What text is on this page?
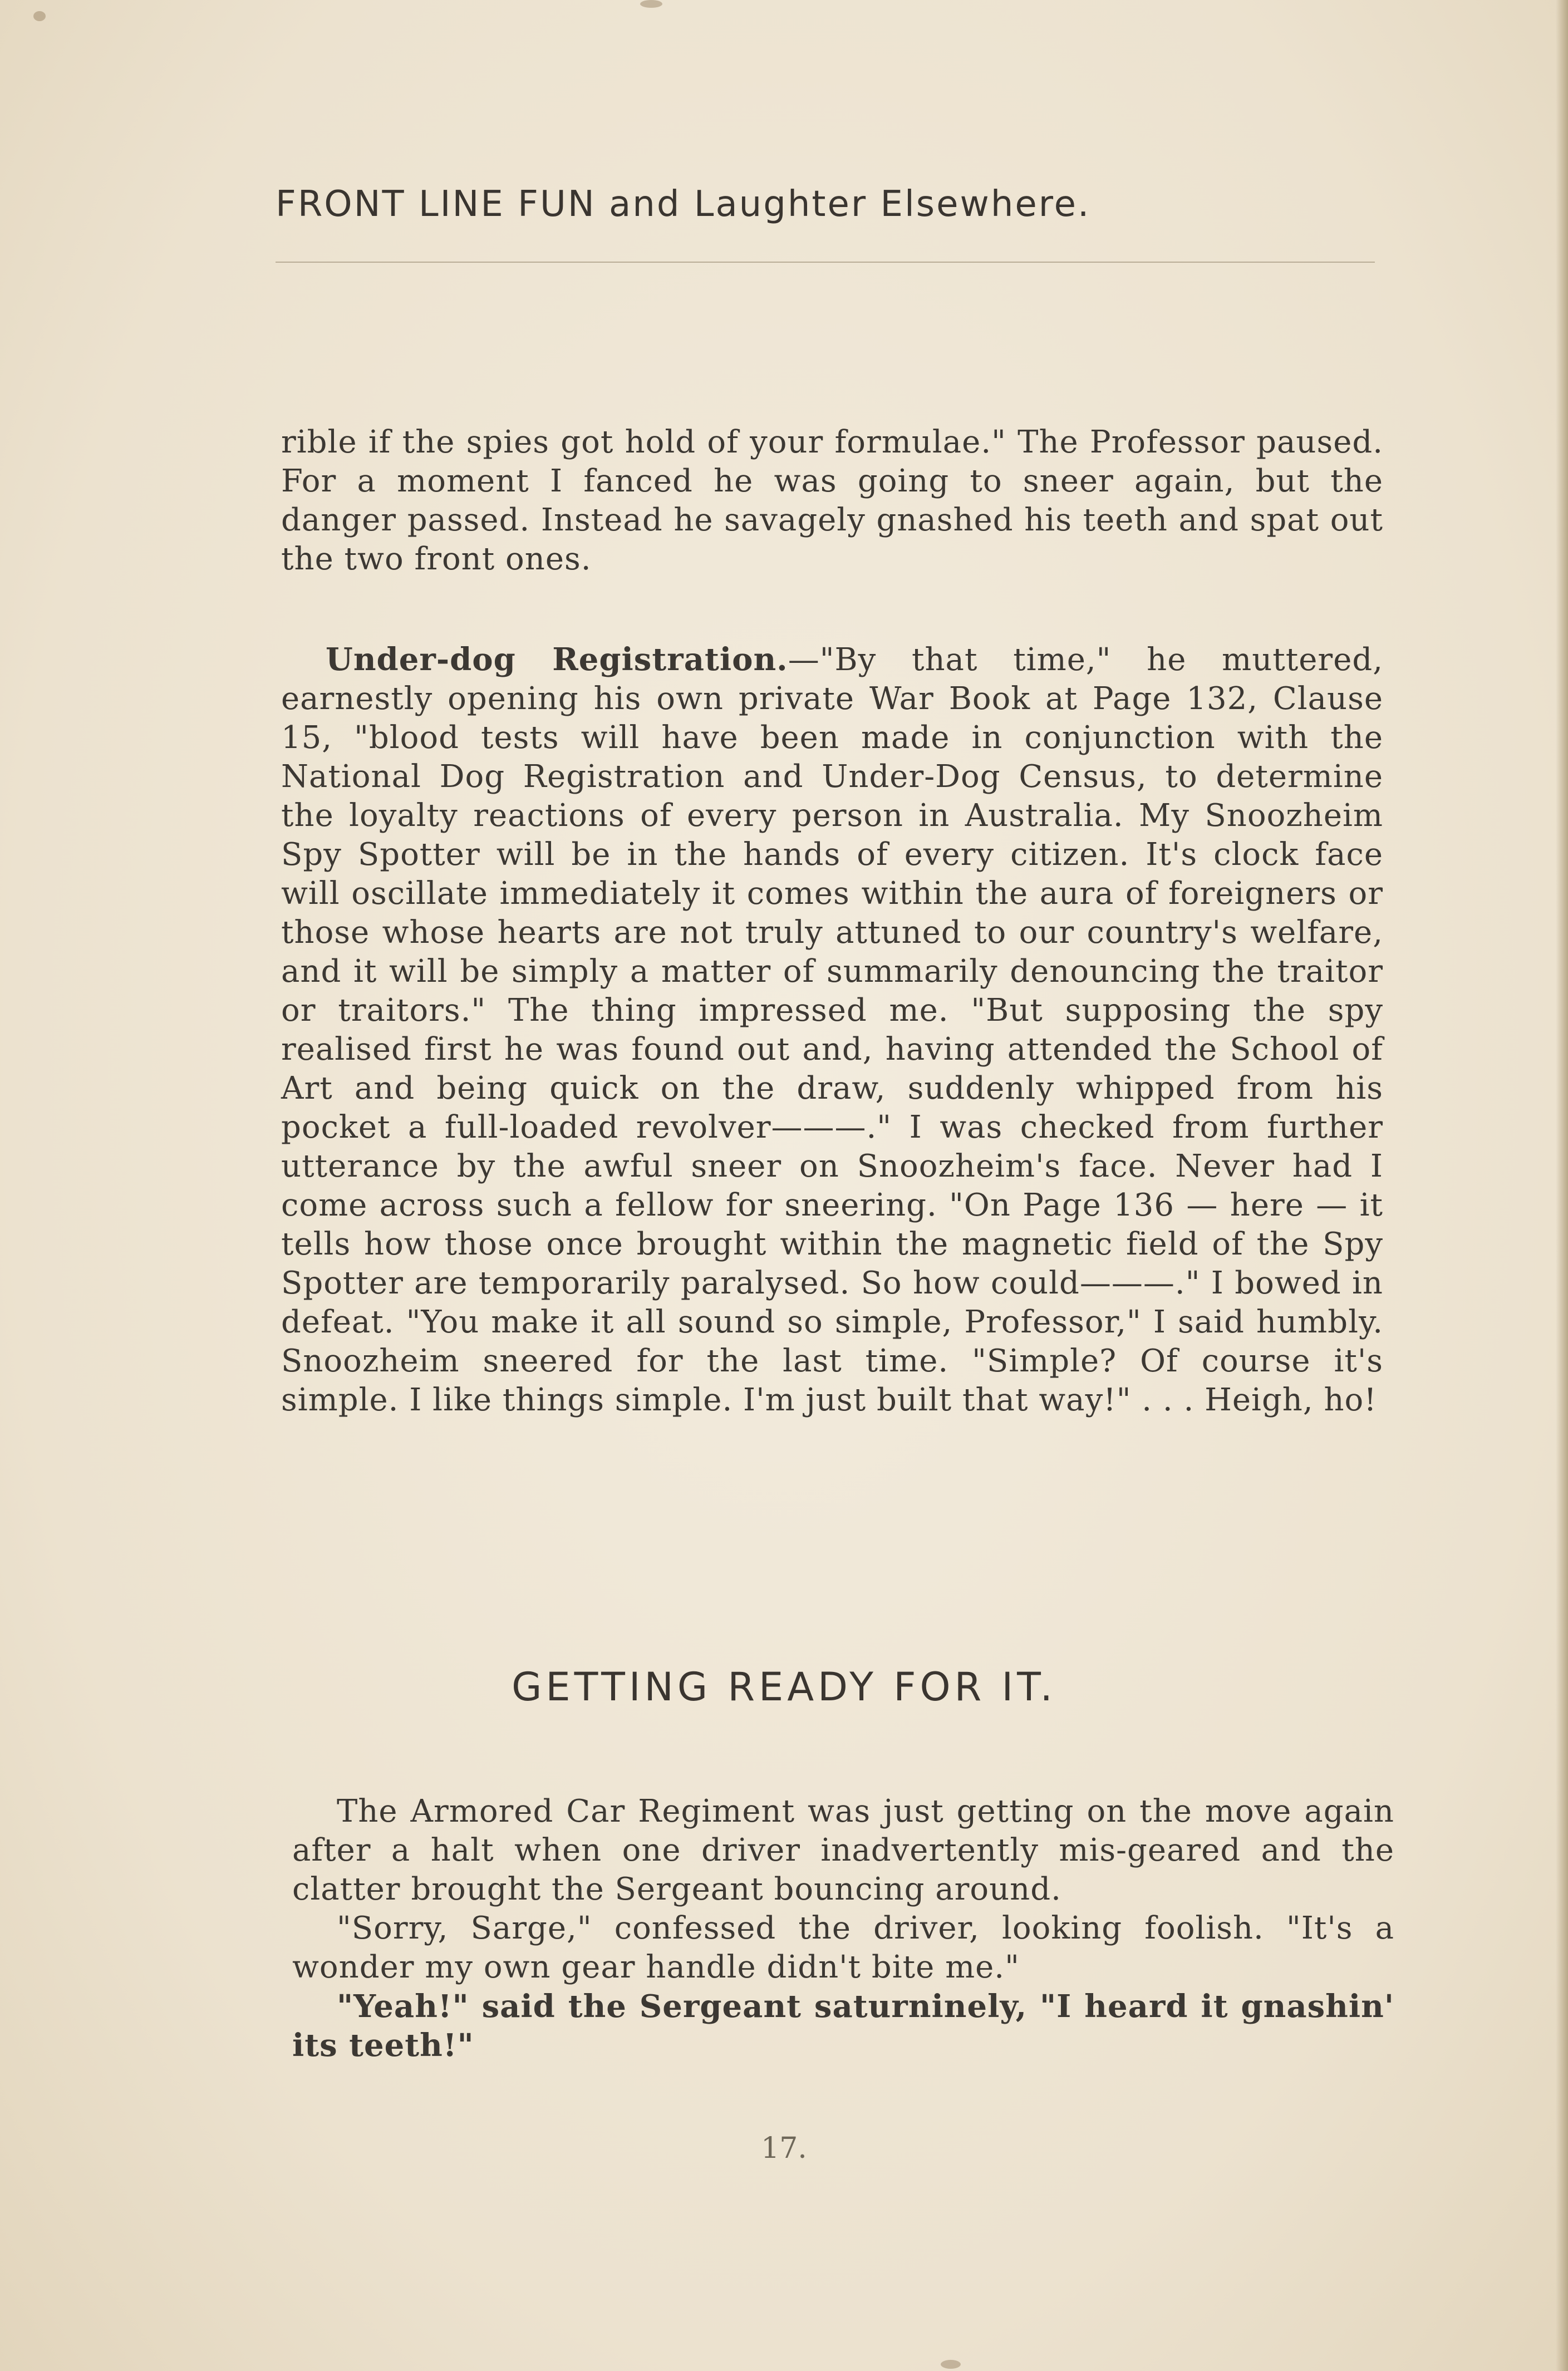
FRONT LINE FUN and Laughter Elsewhere.

rible if the spies got hold of your formulae." The Professor paused. For a moment I fanced he was going to sneer again, but the danger passed. Instead he savagely gnashed his teeth and spat out the two front ones.

Under-dog Registration.—"By that time," he muttered, earnestly opening his own private War Book at Page 132, Clause 15, "blood tests will have been made in conjunction with the National Dog Registration and Under-Dog Census, to determine the loyalty reactions of every person in Australia. My Snoozheim Spy Spotter will be in the hands of every citizen. It's clock face will oscillate immediately it comes within the aura of foreigners or those whose hearts are not truly attuned to our country's welfare, and it will be simply a matter of summarily denouncing the traitor or traitors." The thing impressed me. "But supposing the spy realised first he was found out and, having attended the School of Art and being quick on the draw, suddenly whipped from his pocket a full-loaded revolver———." I was checked from further utterance by the awful sneer on Snoozheim's face. Never had I come across such a fellow for sneering. "On Page 136 — here — it tells how those once brought within the magnetic field of the Spy Spotter are temporarily paralysed. So how could———." I bowed in defeat. "You make it all sound so simple, Professor," I said humbly. Snoozheim sneered for the last time. "Simple? Of course it's simple. I like things simple. I'm just built that way!" . . . Heigh, ho!

GETTING READY FOR IT.

The Armored Car Regiment was just getting on the move again after a halt when one driver inadvertently mis-geared and the clatter brought the Sergeant bouncing around.

"Sorry, Sarge," confessed the driver, looking foolish. "It's a wonder my own gear handle didn't bite me."

"Yeah!" said the Sergeant saturninely, "I heard it gnashin' its teeth!"

17.
